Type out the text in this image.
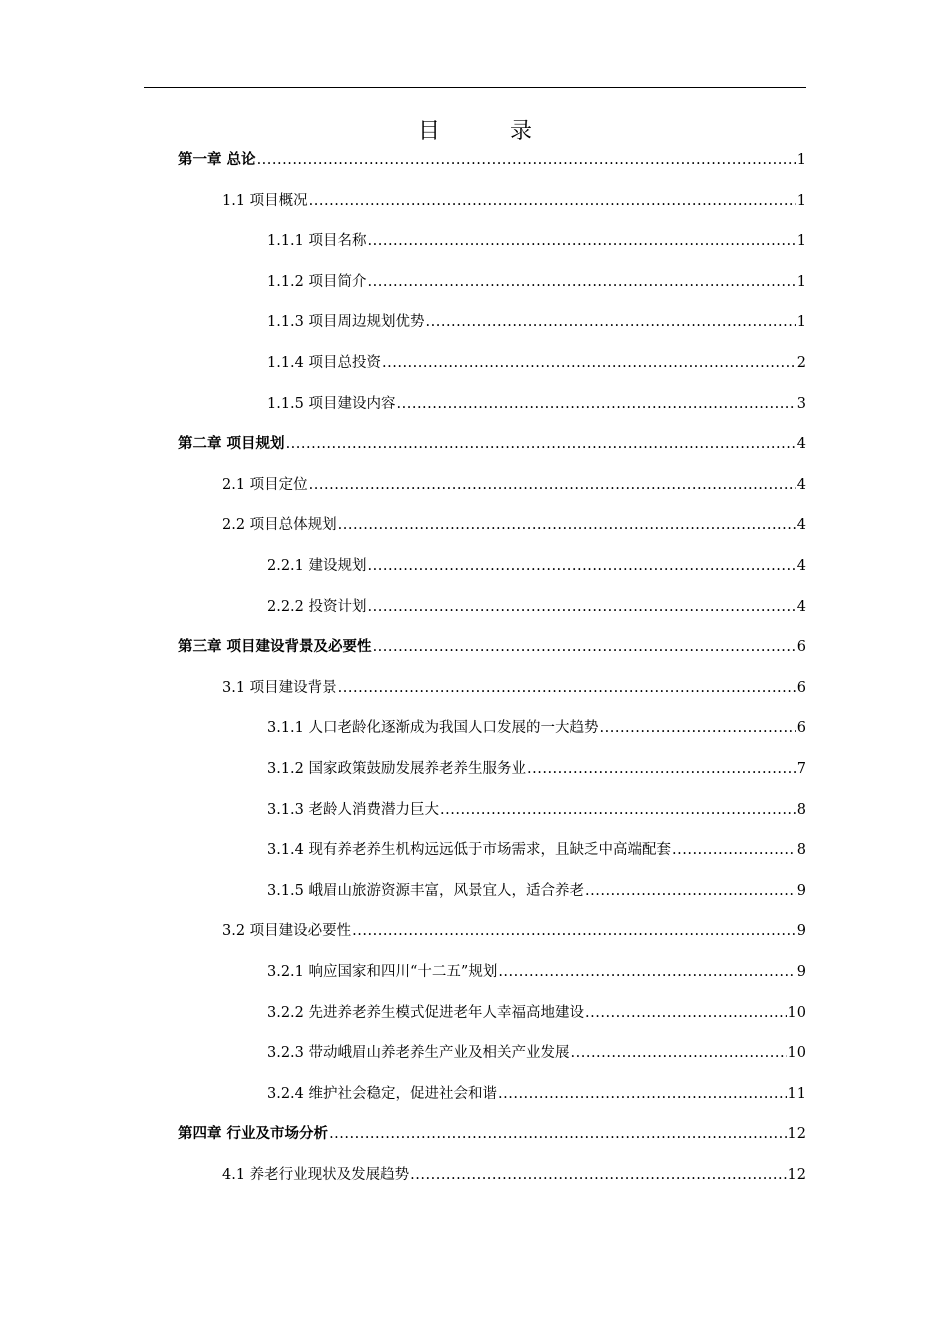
目　录
第一章 总论 .....	1
1.1 项目概况 .....	1
1.1.1 项目名称 .....	1
1.1.2 项目简介 .....	1
1.1.3 项目周边规划优势 .....	1
1.1.4 项目总投资 .....	2
1.1.5 项目建设内容 .....	3
第二章 项目规划 .....	4
2.1 项目定位 .....	4
2.2 项目总体规划 .....	4
2.2.1 建设规划 .....	4
2.2.2 投资计划 .....	4
第三章 项目建设背景及必要性 .....	6
3.1 项目建设背景 .....	6
3.1.1 人口老龄化逐渐成为我国人口发展的一大趋势 .....	6
3.1.2 国家政策鼓励发展养老养生服务业 .....	7
3.1.3 老龄人消费潜力巨大 .....	8
3.1.4 现有养老养生机构远远低于市场需求，且缺乏中高端配套 .....	8
3.1.5 峨眉山旅游资源丰富，风景宜人，适合养老 .....	9
3.2 项目建设必要性 .....	9
3.2.1 响应国家和四川“十二五”规划 .....	9
3.2.2 先进养老养生模式促进老年人幸福高地建设 .....	10
3.2.3 带动峨眉山养老养生产业及相关产业发展 .....	10
3.2.4 维护社会稳定，促进社会和谐 .....	11
第四章 行业及市场分析 .....	12
4.1 养老行业现状及发展趋势 .....	12
